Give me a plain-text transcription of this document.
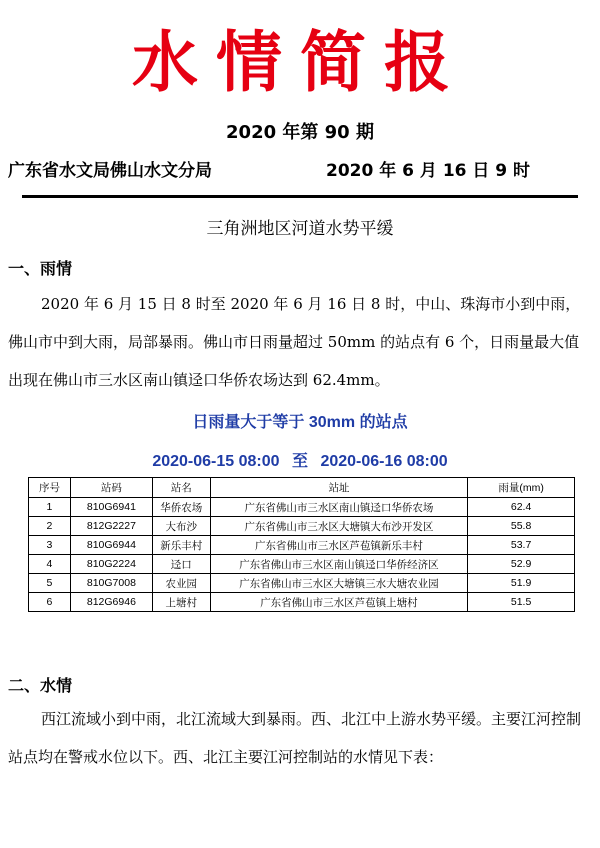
水情简报
2020 年第 90 期
广东省水文局佛山水文分局	2020 年 6 月 16 日 9 时
三角洲地区河道水势平缓
一、雨情

2020 年 6 月 15 日 8 时至 2020 年 6 月 16 日 8 时，中山、珠海市小到中雨，佛山市中到大雨，局部暴雨。佛山市日雨量超过 50mm 的站点有 6 个，日雨量最大值出现在佛山市三水区南山镇迳口华侨农场达到 62.4mm。

日雨量大于等于 30mm 的站点
2020-06-15 08:00 至 2020-06-16 08:00
序号	站码	站名	站址	雨量(mm)
1	810G6941	华侨农场	广东省佛山市三水区南山镇迳口华侨农场	62.4
2	812G2227	大布沙	广东省佛山市三水区大塘镇大布沙开发区	55.8
3	810G6944	新乐丰村	广东省佛山市三水区芦苞镇新乐丰村	53.7
4	810G2224	迳口	广东省佛山市三水区南山镇迳口华侨经济区	52.9
5	810G7008	农业园	广东省佛山市三水区大塘镇三水大塘农业园	51.9
6	812G6946	上塘村	广东省佛山市三水区芦苞镇上塘村	51.5
二、水情

西江流域小到中雨，北江流域大到暴雨。西、北江中上游水势平缓。主要江河控制站点均在警戒水位以下。西、北江主要江河控制站的水情见下表：
